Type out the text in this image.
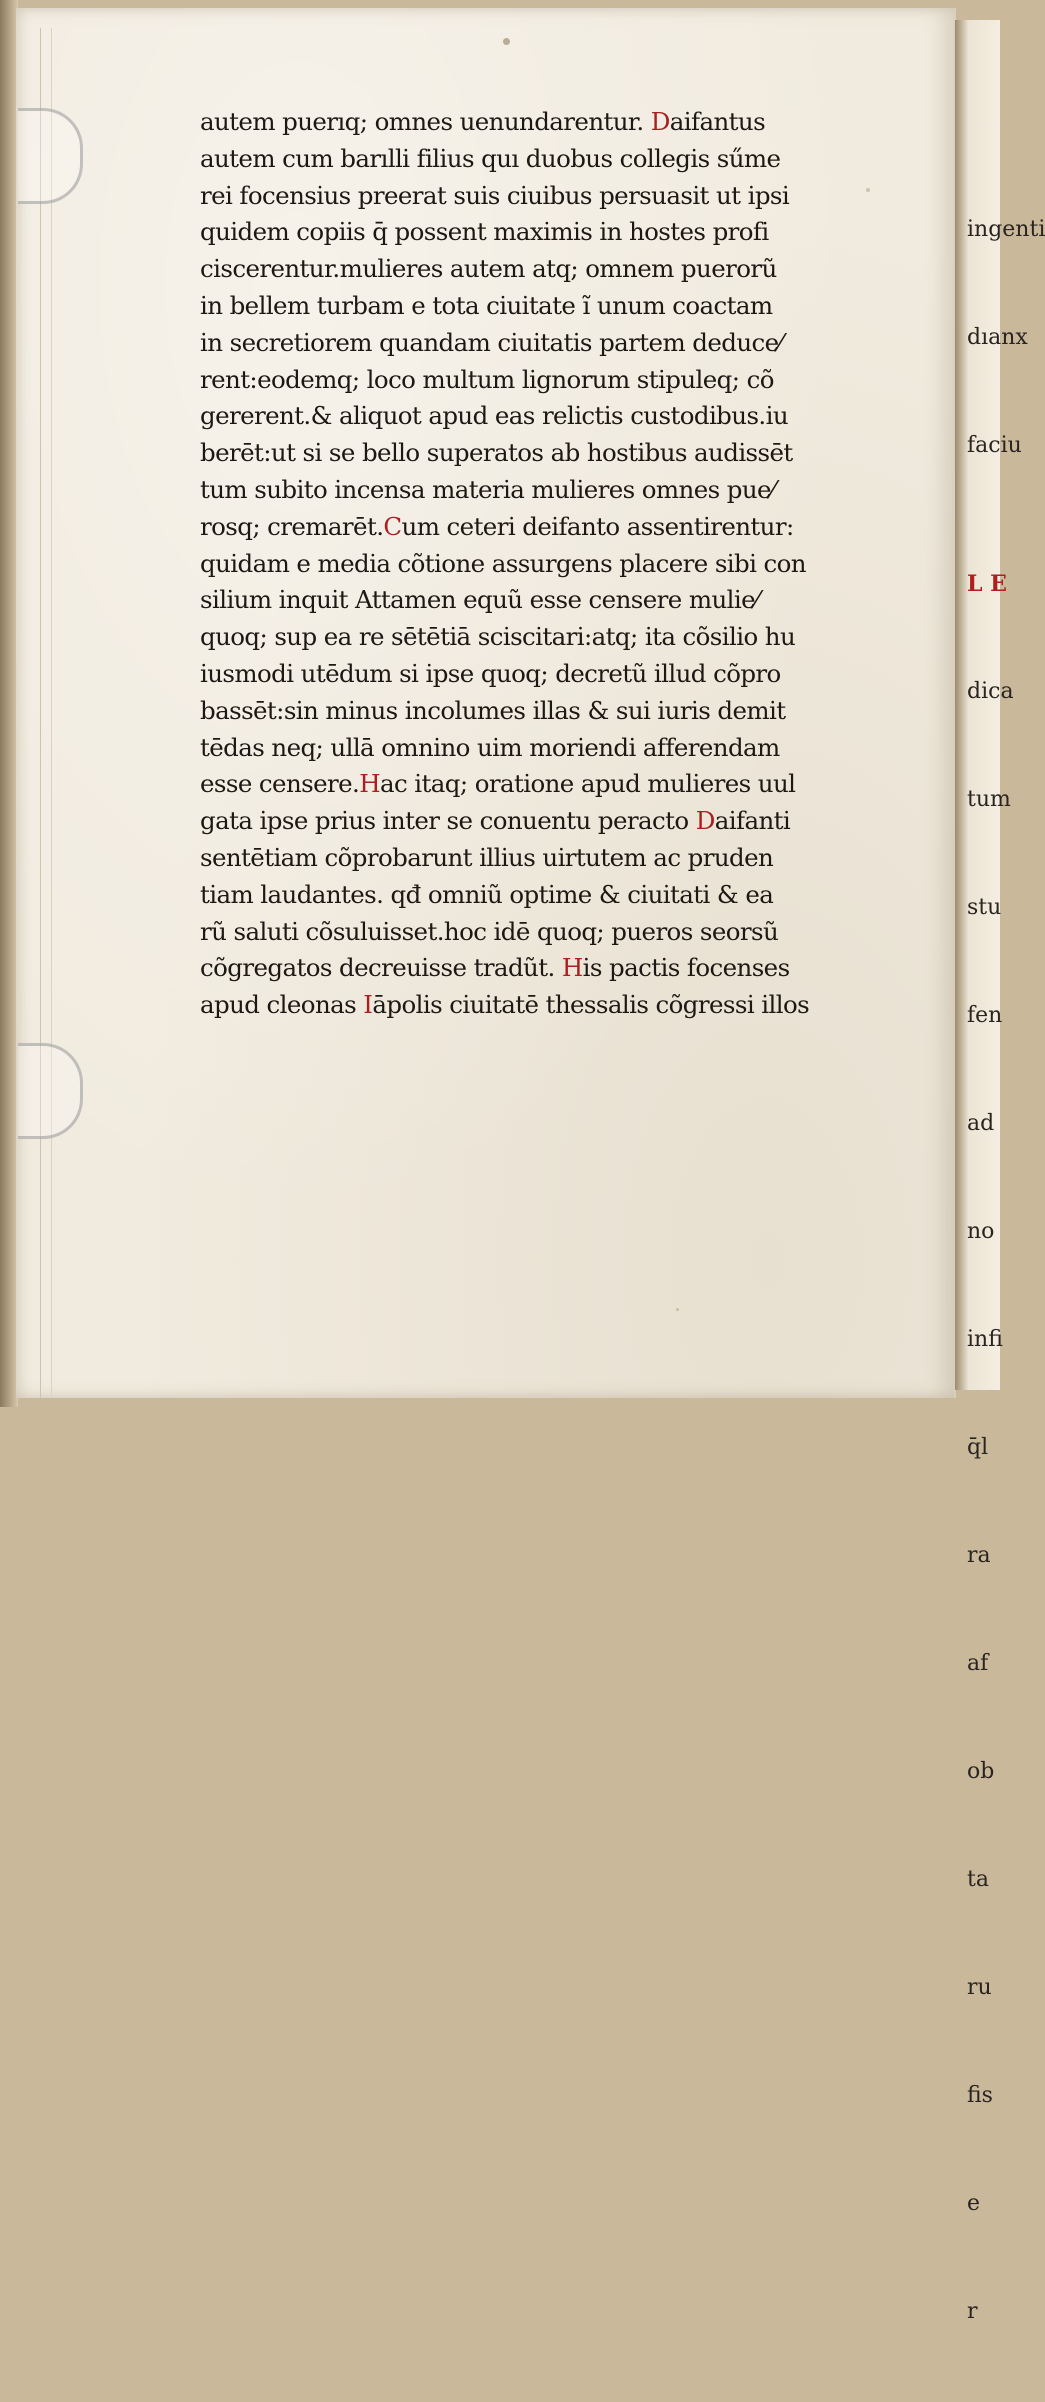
autem puerıq; omnes uenundarentur. Daifantus
autem cum barılli filius quı duobus collegis sűme
rei focensius preerat suis ciuibus persuasit ut ipsi
quidem copiis q̄ possent maximis in hostes profi
ciscerentur.mulieres autem atq; omnem puerorũ
in bellem turbam e tota ciuitate ĩ unum coactam
in secretiorem quandam ciuitatis partem deduce⁄
rent:eodemq; loco multum lignorum stipuleq; cõ
gererent.& aliquot apud eas relictis custodibus.iu
berēt:ut si se bello superatos ab hostibus audissēt
tum subito incensa materia mulieres omnes pue⁄
rosq; cremarēt.Cum ceteri deifanto assentirentur:
quidam e media cõtione assurgens placere sibi con
silium inquit Attamen equũ esse censere mulie⁄
quoq; sup ea re sētētiā sciscitari:atq; ita cõsilio hu
iusmodi utēdum si ipse quoq; decretũ illud cõpro
bassēt:sin minus incolumes illas & sui iuris demit
tēdas neq; ullā omnino uim moriendi afferendam
esse censere.Hac itaq; oratione apud mulieres uul
gata ipse prius inter se conuentu peracto Daifanti
sentētiam cõprobarunt illius uirtutem ac pruden
tiam laudantes. qđ omniũ optime & ciuitati & ea
rũ saluti cõsuluisset.hoc idē quoq; pueros seorsũ
cõgregatos decreuisse tradũt. His pactis focenses
apud cleonas Iāpolis ciuitatē thessalis cõgressi illos

ingenti

dıanx

faciu

L E

dica

tum

stu

fen

ad

no

infi

q̄l

ra

af

ob

ta

ru

fis

e

r
